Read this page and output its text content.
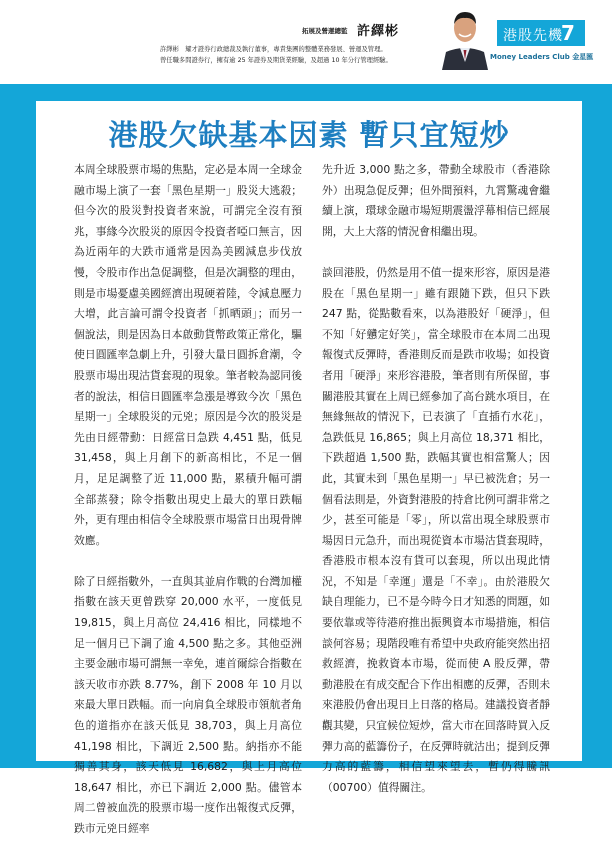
拓展及營運總監 許繹彬

許繹彬　耀才證券行政總裁及執行董事，專責集團的整體業務發展、營運及管理。

曾任職多間證券行，擁有逾 25 年證券及期貨業經驗，及超過 10 年分行管理經驗。

港股先機
7
Money Leaders Club 金星匯
港股欠缺基本因素 暫只宜短炒

本周全球股票市場的焦點，定必是本周一全球金融市場上演了一套「黑色星期一」股災大逃殺；但今次的股災對投資者來說，可謂完全沒有預兆，事緣今次股災的原因令投資者啞口無言，因為近兩年的大跌市通常是因為美國減息步伐放慢，令股市作出急促調整，但是次調整的理由，則是市場憂慮美國經濟出現硬着陸，令減息壓力大增，此言論可謂令投資者「抓晒頭」；而另一個說法，則是因為日本啟動貨幣政策正常化，驅使日圓匯率急劇上升，引發大量日圓拆倉潮，令股票市場出現沽貨套現的現象。筆者較為認同後者的說法，相信日圓匯率急漲是導致今次「黑色星期一」全球股災的元兇；原因是今次的股災是先由日經帶動：日經當日急跌 4,451 點，低見 31,458，與上月創下的新高相比，不足一個月，足足調整了近 11,000 點，累積升幅可謂全部蒸發；除令指數出現史上最大的單日跌幅外，更有理由相信令全球股票市場當日出現骨牌效應。

除了日經指數外，一直與其並肩作戰的台灣加權指數在該天更曾跌穿 20,000 水平，一度低見 19,815，與上月高位 24,416 相比，同樣地不足一個月已下調了逾 4,500 點之多。其他亞洲主要金融市場可謂無一幸免，連首爾綜合指數在該天收市亦跌 8.77%，創下 2008 年 10 月以來最大單日跌幅。而一向肩負全球股市領航者角色的道指亦在該天低見 38,703，與上月高位 41,198 相比，下調近 2,500 點。納指亦不能獨善其身，該天低見 16,682，與上月高位 18,647 相比，亦已下調近 2,000 點。儘管本周二曾被血洗的股票市場一度作出報復式反彈，跌市元兇日經率

先升近 3,000 點之多，帶動全球股市（香港除外）出現急促反彈；但外間預料，九霄驚魂會繼續上演，環球金融市場短期震盪浮幕相信已經展開，大上大落的情況會相繼出現。

談回港股，仍然是用不值一提來形容，原因是港股在「黑色星期一」雖有跟隨下跌，但只下跌 247 點，從點數看來，以為港股好「硬淨」，但不知「好戇定好笑」，當全球股市在本周二出現報復式反彈時，香港則反而是跌市收場；如投資者用「硬淨」來形容港股，筆者則有所保留，事關港股其實在上周已經參加了高台跳水項目，在無緣無故的情況下，已表演了「直插冇水花」，急跌低見 16,865；與上月高位 18,371 相比，下跌超過 1,500 點，跌幅其實也相當驚人；因此，其實未到「黑色星期一」早已被洗倉；另一個看法則是，外資對港股的持倉比例可謂非常之少，甚至可能是「零」，所以當出現全球股票市場因日元急升，而出現從資本市場沽貨套現時，香港股市根本沒有貨可以套現，所以出現此情況，不知是「幸運」還是「不幸」。由於港股欠缺自理能力，已不是今時今日才知悉的問題，如要依靠或等待港府推出振興資本市場措施，相信談何容易；現階段唯有希望中央政府能突然出招救經濟，挽救資本市場，從而使 A 股反彈，帶動港股在有成交配合下作出相應的反彈，否則未來港股仍會出現日上日落的格局。建議投資者靜觀其變，只宜候位短炒，當大市在回落時買入反彈力高的藍籌份子，在反彈時就沽出；提到反彈力高的藍籌，相信望來望去，暫仍得騰訊（00700）值得關注。
